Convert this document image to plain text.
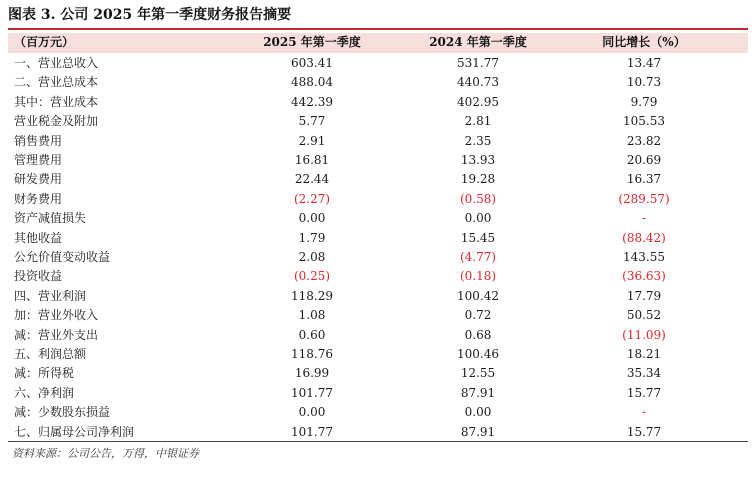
图表 3. 公司 2025 年第一季度财务报告摘要
（百万元）	2025 年第一季度	2024 年第一季度	同比增长（%）
一、营业总收入	603.41	531.77	13.47
二、营业总成本	488.04	440.73	10.73
其中：营业成本	442.39	402.95	9.79
营业税金及附加	5.77	2.81	105.53
销售费用	2.91	2.35	23.82
管理费用	16.81	13.93	20.69
研发费用	22.44	19.28	16.37
财务费用	(2.27)	(0.58)	(289.57)
资产减值损失	0.00	0.00	-
其他收益	1.79	15.45	(88.42)
公允价值变动收益	2.08	(4.77)	143.55
投资收益	(0.25)	(0.18)	(36.63)
四、营业利润	118.29	100.42	17.79
加：营业外收入	1.08	0.72	50.52
减：营业外支出	0.60	0.68	(11.09)
五、利润总额	118.76	100.46	18.21
减：所得税	16.99	12.55	35.34
六、净利润	101.77	87.91	15.77
减：少数股东损益	0.00	0.00	-
七、归属母公司净利润	101.77	87.91	15.77
资料来源：公司公告，万得，中银证券
